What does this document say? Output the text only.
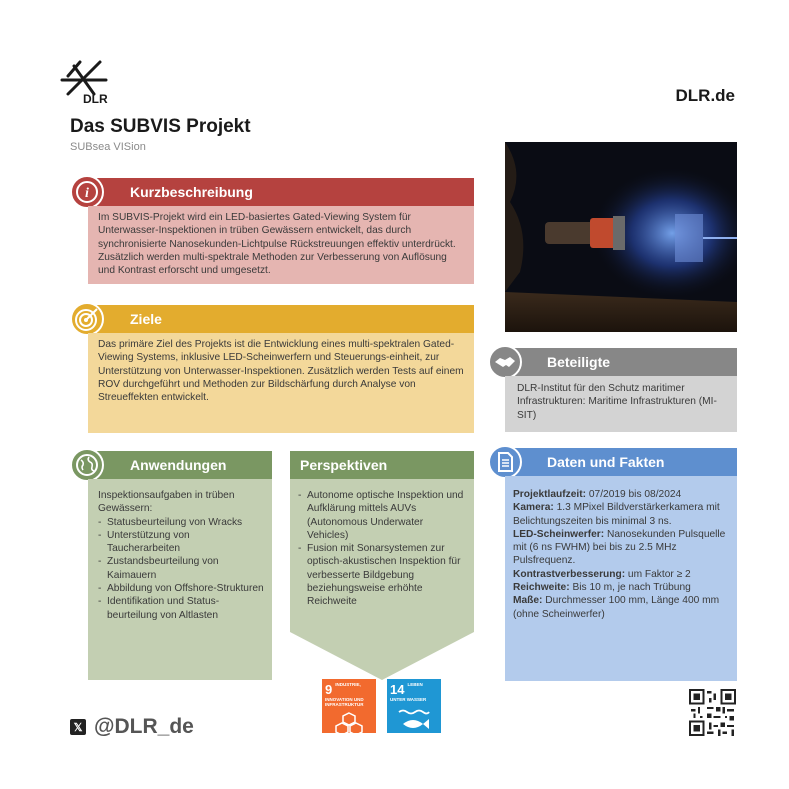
DLR	DLR.de
Das SUBVIS Projekt
SUBsea VISion
Kurzbeschreibung
i
Im SUBVIS-Projekt wird ein LED-basiertes Gated-Viewing System für Unterwasser-Inspektionen in trüben Gewässern entwickelt, das durch synchronisierte Nanosekunden-Lichtpulse Rückstreuungen effektiv unterdrückt. Zusätzlich werden multi-spektrale Methoden zur Verbesserung von Auflösung und Kontrast erforscht und umgesetzt.
Ziele
Das primäre Ziel des Projekts ist die Entwicklung eines multi-spektralen Gated-Viewing Systems, inklusive LED-Scheinwerfern und Steuerungs-einheit, zur Unterstützung von Unterwasser-Inspektionen. Zusätzlich werden Tests auf einem ROV durchgeführt und Methoden zur Bildschärfung durch Analyse von Streueffekten entwickelt.
Anwendungen
Inspektionsaufgaben in trüben Gewässern:
- Statusbeurteilung von Wracks
- Unterstützung von Taucherarbeiten
- Zustandsbeurteilung von Kaimauern
- Abbildung von Offshore-Strukturen
- Identifikation und Status-beurteilung von Altlasten
Perspektiven
- Autonome optische Inspektion und Aufklärung mittels AUVs (Autonomous Underwater Vehicles)
- Fusion mit Sonarsystemen zur optisch-akustischen Inspektion für verbesserte Bildgebung beziehungsweise erhöhte Reichweite
Beteiligte
DLR-Institut für den Schutz maritimer Infrastrukturen: Maritime Infrastrukturen (MI-SIT)
Daten und Fakten
Projektlaufzeit: 07/2019 bis 08/2024
Kamera: 1.3 MPixel Bildverstärkerkamera mit Belichtungszeiten bis minimal 3 ns.
LED-Scheinwerfer: Nanosekunden Pulsquelle mit (6 ns FWHM) bei bis zu 2.5 MHz Pulsfrequenz.
Kontrastverbesserung: um Faktor ≥ 2
Reichweite: Bis 10 m, je nach Trübung
Maße: Durchmesser 100 mm, Länge 400 mm (ohne Scheinwerfer)
9 INDUSTRIE, INNOVATION UND INFRASTRUKTUR
14 LEBEN UNTER WASSER
𝕏 @DLR_de
